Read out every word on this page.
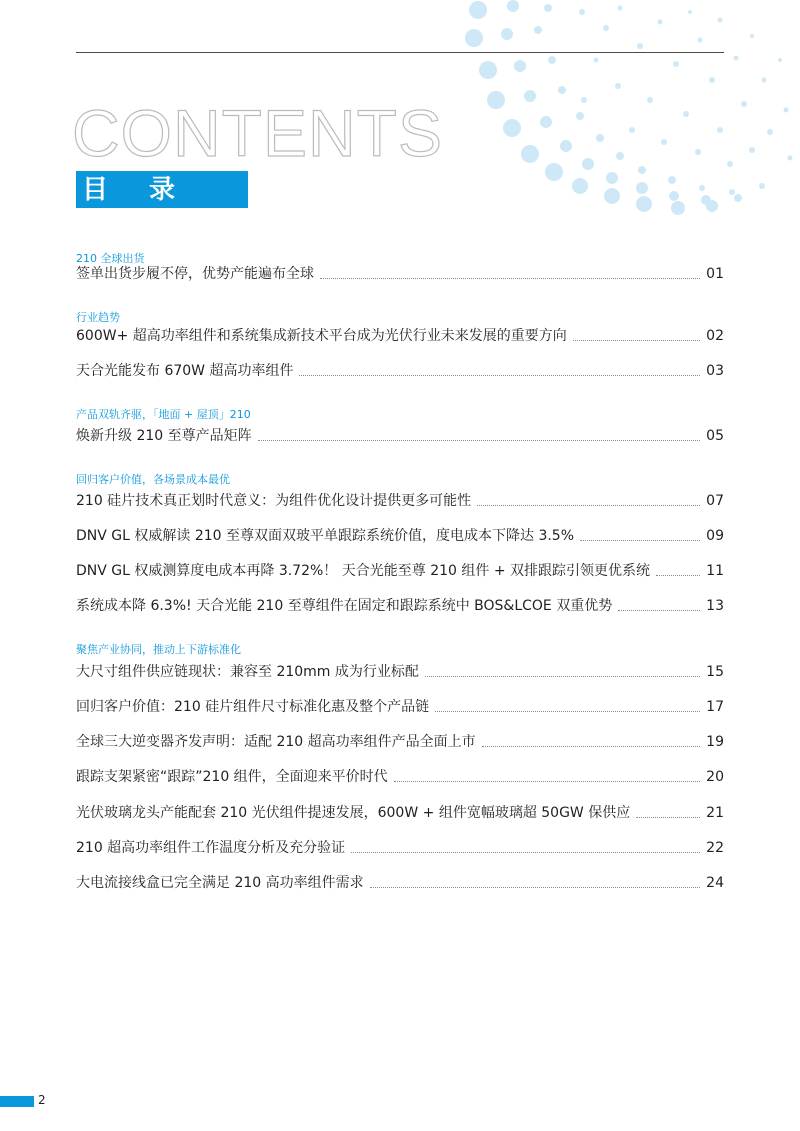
CONTENTS
目 录
210 全球出货
签单出货步履不停，优势产能遍布全球	01
行业趋势
600W+ 超高功率组件和系统集成新技术平台成为光伏行业未来发展的重要方向	02
天合光能发布 670W 超高功率组件	03
产品双轨齐驱，「地面 + 屋顶」210
焕新升级 210 至尊产品矩阵	05
回归客户价值，各场景成本最优
210 硅片技术真正划时代意义：为组件优化设计提供更多可能性	07
DNV GL 权威解读 210 至尊双面双玻平单跟踪系统价值，度电成本下降达 3.5%	09
DNV GL 权威测算度电成本再降 3.72%！ 天合光能至尊 210 组件 + 双排跟踪引领更优系统	11
系统成本降 6.3%! 天合光能 210 至尊组件在固定和跟踪系统中 BOS&LCOE 双重优势	13
聚焦产业协同，推动上下游标准化
大尺寸组件供应链现状：兼容至 210mm 成为行业标配	15
回归客户价值：210 硅片组件尺寸标准化惠及整个产品链	17
全球三大逆变器齐发声明：适配 210 超高功率组件产品全面上市	19
跟踪支架紧密“跟踪”210 组件，全面迎来平价时代	20
光伏玻璃龙头产能配套 210 光伏组件提速发展，600W + 组件宽幅玻璃超 50GW 保供应	21
210 超高功率组件工作温度分析及充分验证	22
大电流接线盒已完全满足 210 高功率组件需求	24
2
